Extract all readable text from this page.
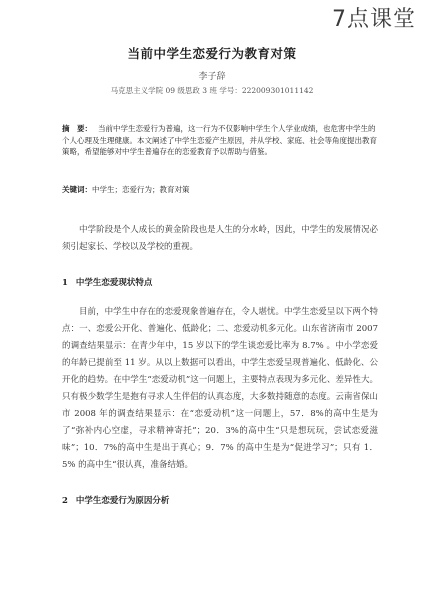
7点课堂
当前中学生恋爱行为教育对策
李子辞
马克思主义学院 09 级思政 3 班 学号：222009301011142
摘　要： 当前中学生恋爱行为普遍，这一行为不仅影响中学生个人学业成绩，也危害中学生的个人心理及生理健康。本文阐述了中学生恋爱产生原因，并从学校、家庭、社会等角度提出教育策略，希望能够对中学生普遍存在的恋爱教育予以帮助与借鉴。
关键词：中学生；恋爱行为；教育对策
中学阶段是个人成长的黄金阶段也是人生的分水岭，因此，中学生的发展情况必须引起家长、学校以及学校的重视。
1 中学生恋爱现状特点
目前，中学生中存在的恋爱现象普遍存在，令人堪忧。中学生恋爱呈以下两个特点：一、恋爱公开化、普遍化、低龄化；二、恋爱动机多元化。山东省济南市 2007 的调查结果显示：在青少年中，15 岁以下的学生谈恋爱比率为 8.7% 。中小学恋爱的年龄已提前至 11 岁。从以上数据可以看出，中学生恋爱呈现普遍化、低龄化、公开化的趋势。在中学生“恋爱动机”这一问题上，主要特点表现为多元化、差异性大。只有极少数学生是抱有寻求人生伴侣的认真态度，大多数持随意的态度。云南省保山市 2008 年的调查结果显示：在“恋爱动机”这一问题上，57．8%的高中生是为了“弥补内心空虚，寻求精神寄托”；20．3%的高中生“只是想玩玩，尝试恋爱滋味”；10．7%的高中生是出于真心；9．7% 的高中生是为“促进学习”；只有 1．5% 的高中生“很认真，准备结婚。
2 中学生恋爱行为原因分析
